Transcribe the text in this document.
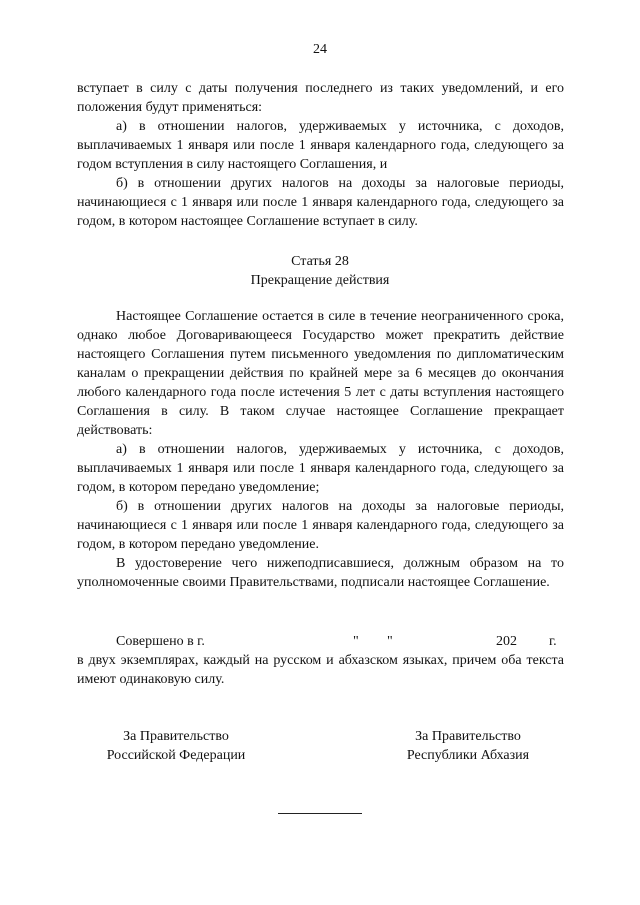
24

вступает в силу с даты получения последнего из таких уведомлений, и его положения будут применяться:

а) в отношении налогов, удерживаемых у источника, с доходов, выплачиваемых 1 января или после 1 января календарного года, следующего за годом вступления в силу настоящего Соглашения, и

б) в отношении других налогов на доходы за налоговые периоды, начинающиеся с 1 января или после 1 января календарного года, следующего за годом, в котором настоящее Соглашение вступает в силу.

Статья 28
Прекращение действия

Настоящее Соглашение остается в силе в течение неограниченного срока, однако любое Договаривающееся Государство может прекратить действие настоящего Соглашения путем письменного уведомления по дипломатическим каналам о прекращении действия по крайней мере за 6 месяцев до окончания любого календарного года после истечения 5 лет с даты вступления настоящего Соглашения в силу. В таком случае настоящее Соглашение прекращает действовать:

а) в отношении налогов, удерживаемых у источника, с доходов, выплачиваемых 1 января или после 1 января календарного года, следующего за годом, в котором передано уведомление;

б) в отношении других налогов на доходы за налоговые периоды, начинающиеся с 1 января или после 1 января календарного года, следующего за годом, в котором передано уведомление.

В удостоверение чего нижеподписавшиеся, должным образом на то уполномоченные своими Правительствами, подписали настоящее Соглашение.

Совершено в г.	" "	202 г.

в двух экземплярах, каждый на русском и абхазском языках, причем оба текста имеют одинаковую силу.

За Правительство
Российской Федерации
За Правительство
Республики Абхазия
